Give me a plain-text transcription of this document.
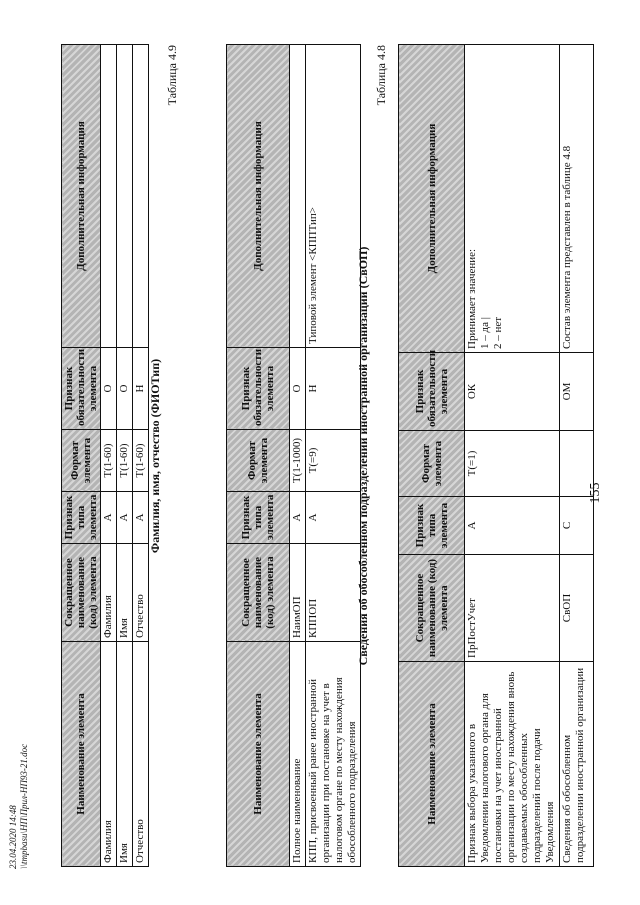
155
23.04.2020 14:48 \\tmpbasu\НП\Прил-НП93-21.doc	Наименование элемента	Сокращенное наименование (код) элемента	Признак типа элемента	Формат элемента	Признак обязательности элемента	Дополнительная информация
Признак выбора указанного в Уведомлении налогового органа для постановки на учет иностранной организации по месту нахождения вновь создаваемых обособленных подразделений после подачи Уведомления	ПрПостУчет	А	Т(=1)	ОК	Принимает значение: 1 – да | 2 – нет

Сведения об обособленном подразделении иностранной организации	СвОП	С		ОМ	Состав элемента представлен в таблице 4.8
Таблица 4.8
Сведения об обособленном подразделении иностранной организации (СвОП)
Наименование элемента	Сокращенное наименование (код) элемента	Признак типа элемента	Формат элемента	Признак обязательности элемента	Дополнительная информация
Полное наименование	НаимОП	А	Т(1-1000)	О	
КПП, присвоенный ранее иностранной организации при постановке на учет в налоговом органе по месту нахождения обособленного подразделения	КППОП	А	Т(=9)	Н	Типовой элемент <КППТип>
Таблица 4.9
Фамилия, имя, отчество (ФИОТип)
Наименование элемента	Сокращенное наименование (код) элемента	Признак типа элемента	Формат элемента	Признак обязательности элемента	Дополнительная информация
Фамилия	Фамилия	А	Т(1-60)	О	
Имя	Имя	А	Т(1-60)	О	
Отчество	Отчество	А	Т(1-60)	Н	
